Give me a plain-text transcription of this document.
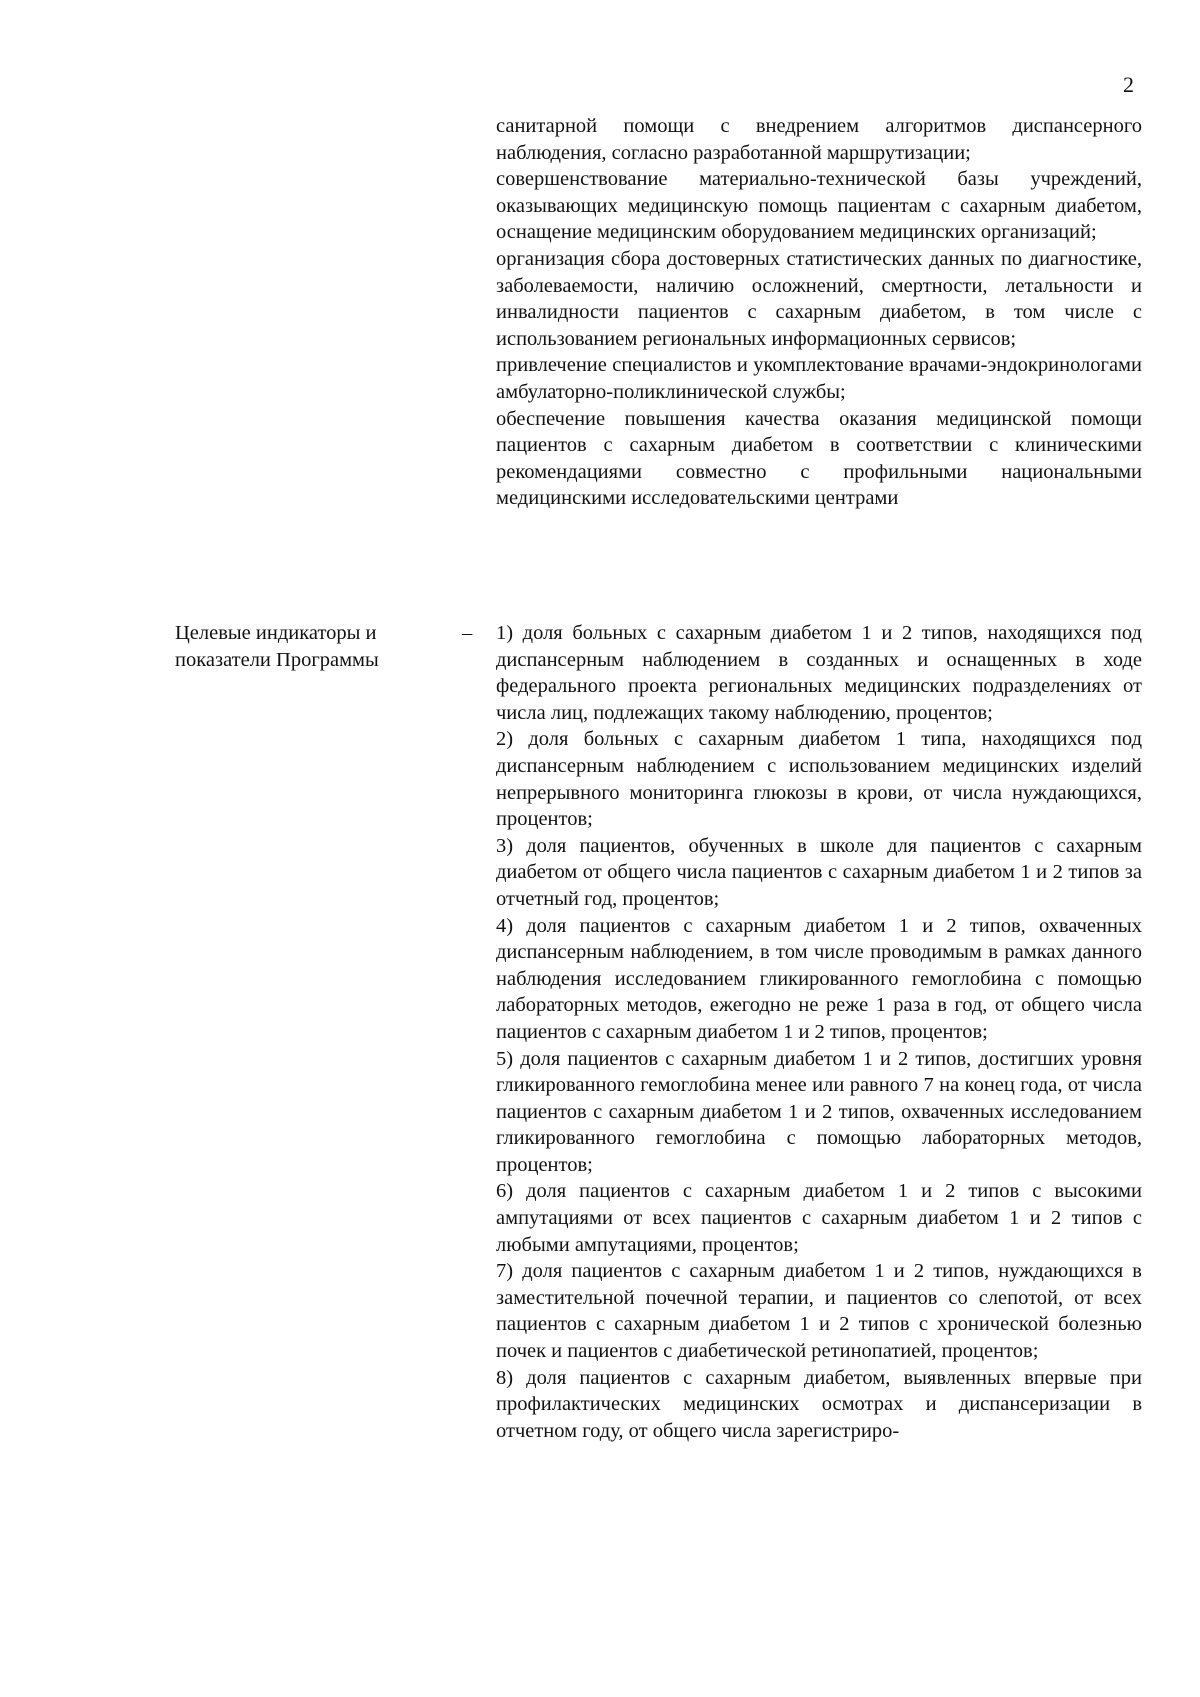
2

санитарной помощи с внедрением алгоритмов диспансерного наблюдения, согласно разработанной маршрутизации;

совершенствование материально-технической базы учреждений, оказывающих медицинскую помощь пациентам с сахарным диабетом, оснащение медицинским оборудованием медицинских организаций;

организация сбора достоверных статистических данных по диагностике, заболеваемости, наличию осложнений, смертности, летальности и инвалидности пациентов с сахарным диабетом, в том числе с использованием региональных информационных сервисов;

привлечение специалистов и укомплектование врачами-эндокринологами амбулаторно-поликлинической службы;

обеспечение повышения качества оказания медицинской помощи пациентов с сахарным диабетом в соответствии с клиническими рекомендациями совместно с профильными национальными медицинскими исследовательскими центрами

Целевые индикаторы и показатели Программы
– 1) доля больных с сахарным диабетом 1 и 2 типов, находящихся под диспансерным наблюдением в созданных и оснащенных в ходе федерального проекта региональных медицинских подразделениях от числа лиц, подлежащих такому наблюдению, процентов;

2) доля больных с сахарным диабетом 1 типа, находящихся под диспансерным наблюдением с использованием медицинских изделий непрерывного мониторинга глюкозы в крови, от числа нуждающихся, процентов;

3) доля пациентов, обученных в школе для пациентов с сахарным диабетом от общего числа пациентов с сахарным диабетом 1 и 2 типов за отчетный год, процентов;

4) доля пациентов с сахарным диабетом 1 и 2 типов, охваченных диспансерным наблюдением, в том числе проводимым в рамках данного наблюдения исследованием гликированного гемоглобина с помощью лабораторных методов, ежегодно не реже 1 раза в год, от общего числа пациентов с сахарным диабетом 1 и 2 типов, процентов;

5) доля пациентов с сахарным диабетом 1 и 2 типов, достигших уровня гликированного гемоглобина менее или равного 7 на конец года, от числа пациентов с сахарным диабетом 1 и 2 типов, охваченных исследованием гликированного гемоглобина с помощью лабораторных методов, процентов;

6) доля пациентов с сахарным диабетом 1 и 2 типов с высокими ампутациями от всех пациентов с сахарным диабетом 1 и 2 типов с любыми ампутациями, процентов;

7) доля пациентов с сахарным диабетом 1 и 2 типов, нуждающихся в заместительной почечной терапии, и пациентов со слепотой, от всех пациентов с сахарным диабетом 1 и 2 типов с хронической болезнью почек и пациентов с диабетической ретинопатией, процентов;

8) доля пациентов с сахарным диабетом, выявленных впервые при профилактических медицинских осмотрах и диспансеризации в отчетном году, от общего числа зарегистриро-
